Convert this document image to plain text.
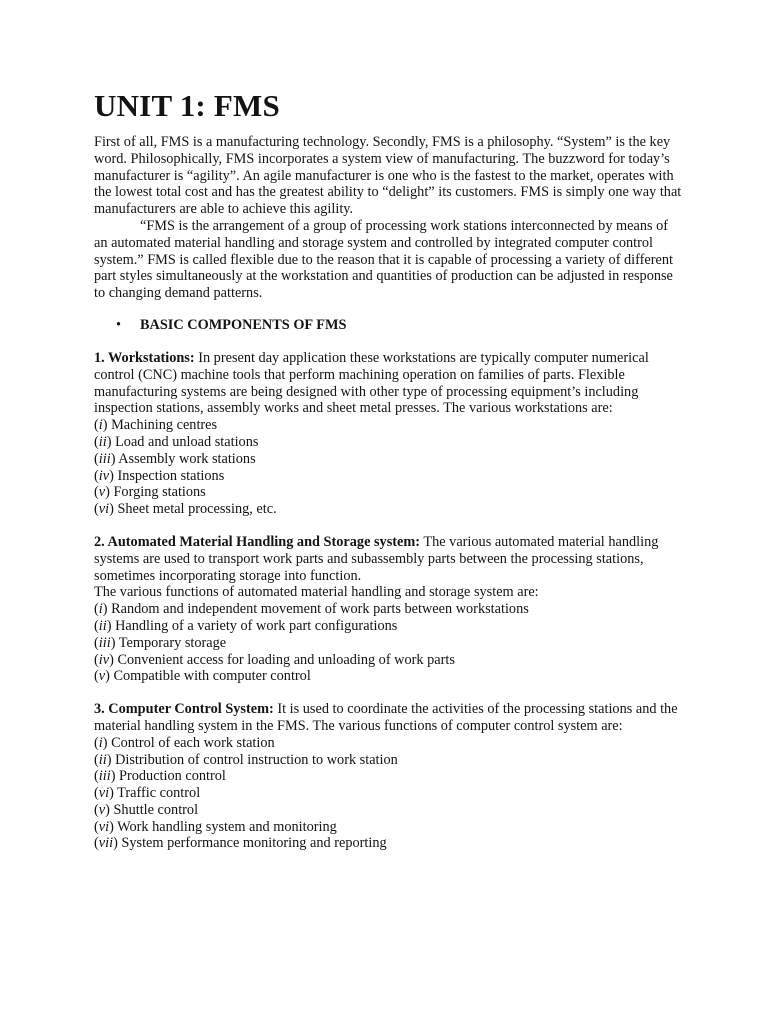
UNIT 1: FMS

First of all, FMS is a manufacturing technology. Secondly, FMS is a philosophy. “System” is the key word. Philosophically, FMS incorporates a system view of manufacturing. The buzzword for today’s manufacturer is “agility”. An agile manufacturer is one who is the fastest to the market, operates with the lowest total cost and has the greatest ability to “delight” its customers. FMS is simply one way that manufacturers are able to achieve this agility.

“FMS is the arrangement of a group of processing work stations interconnected by means of an automated material handling and storage system and controlled by integrated computer control system.” FMS is called flexible due to the reason that it is capable of processing a variety of different part styles simultaneously at the workstation and quantities of production can be adjusted in response to changing demand patterns.

•	BASIC COMPONENTS OF FMS

1. Workstations: In present day application these workstations are typically computer numerical control (CNC) machine tools that perform machining operation on families of parts. Flexible manufacturing systems are being designed with other type of processing equipment’s including inspection stations, assembly works and sheet metal presses. The various workstations are:

(i) Machining centres
(ii) Load and unload stations
(iii) Assembly work stations
(iv) Inspection stations
(v) Forging stations
(vi) Sheet metal processing, etc.

2. Automated Material Handling and Storage system: The various automated material handling systems are used to transport work parts and subassembly parts between the processing stations, sometimes incorporating storage into function.

The various functions of automated material handling and storage system are:

(i) Random and independent movement of work parts between workstations
(ii) Handling of a variety of work part configurations
(iii) Temporary storage
(iv) Convenient access for loading and unloading of work parts
(v) Compatible with computer control

3. Computer Control System: It is used to coordinate the activities of the processing stations and the material handling system in the FMS. The various functions of computer control system are:

(i) Control of each work station
(ii) Distribution of control instruction to work station
(iii) Production control
(vi) Traffic control
(v) Shuttle control
(vi) Work handling system and monitoring
(vii) System performance monitoring and reporting
